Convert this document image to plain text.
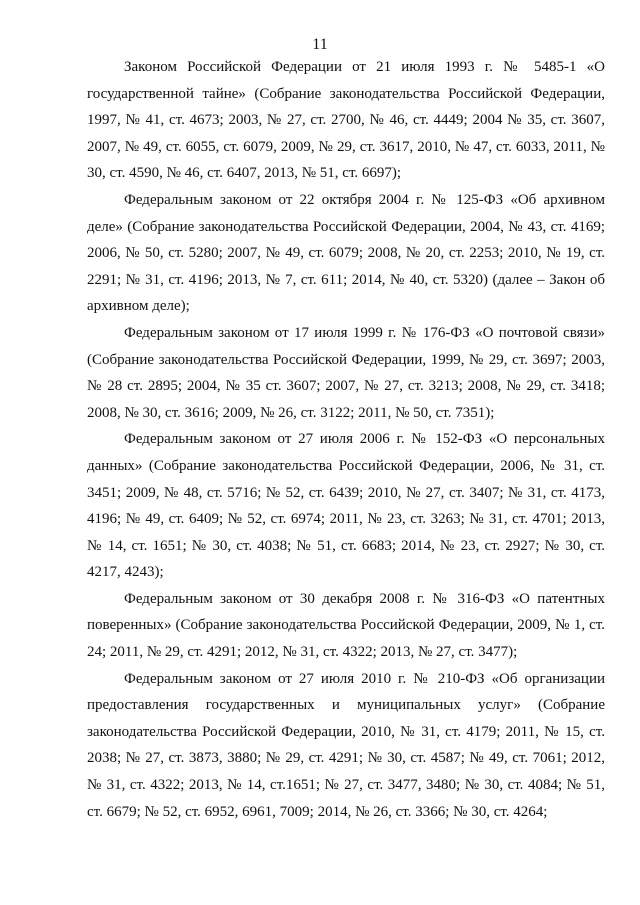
11

Законом Российской Федерации от 21 июля 1993 г. № 5485-1 «О государственной тайне» (Собрание законодательства Российской Федерации, 1997, № 41, ст. 4673; 2003, № 27, ст. 2700, № 46, ст. 4449; 2004 № 35, ст. 3607, 2007, № 49, ст. 6055, ст. 6079, 2009, № 29, ст. 3617, 2010, № 47, ст. 6033, 2011, № 30, ст. 4590, № 46, ст. 6407, 2013, № 51, ст. 6697);

Федеральным законом от 22 октября 2004 г. № 125-ФЗ «Об архивном деле» (Собрание законодательства Российской Федерации, 2004, № 43, ст. 4169; 2006, № 50, ст. 5280; 2007, № 49, ст. 6079; 2008, № 20, ст. 2253; 2010, № 19, ст. 2291; № 31, ст. 4196; 2013, № 7, ст. 611; 2014, № 40, ст. 5320) (далее – Закон об архивном деле);

Федеральным законом от 17 июля 1999 г. № 176-ФЗ «О почтовой связи» (Собрание законодательства Российской Федерации, 1999, № 29, ст. 3697; 2003, № 28 ст. 2895; 2004, № 35 ст. 3607; 2007, № 27, ст. 3213; 2008, № 29, ст. 3418; 2008, № 30, ст. 3616; 2009, № 26, ст. 3122; 2011, № 50, ст. 7351);

Федеральным законом от 27 июля 2006 г. № 152-ФЗ «О персональных данных» (Собрание законодательства Российской Федерации, 2006, № 31, ст. 3451; 2009, № 48, ст. 5716; № 52, ст. 6439; 2010, № 27, ст. 3407; № 31, ст. 4173, 4196; № 49, ст. 6409; № 52, ст. 6974; 2011, № 23, ст. 3263; № 31, ст. 4701; 2013, № 14, ст. 1651; № 30, ст. 4038; № 51, ст. 6683; 2014, № 23, ст. 2927; № 30, ст. 4217, 4243);

Федеральным законом от 30 декабря 2008 г. № 316-ФЗ «О патентных поверенных» (Собрание законодательства Российской Федерации, 2009, № 1, ст. 24; 2011, № 29, ст. 4291; 2012, № 31, ст. 4322; 2013, № 27, ст. 3477);

Федеральным законом от 27 июля 2010 г. № 210-ФЗ «Об организации предоставления государственных и муниципальных услуг» (Собрание законодательства Российской Федерации, 2010, № 31, ст. 4179; 2011, № 15, ст. 2038; № 27, ст. 3873, 3880; № 29, ст. 4291; № 30, ст. 4587; № 49, ст. 7061; 2012, № 31, ст. 4322; 2013, № 14, ст.1651; № 27, ст. 3477, 3480; № 30, ст. 4084; № 51, ст. 6679; № 52, ст. 6952, 6961, 7009; 2014, № 26, ст. 3366; № 30, ст. 4264;
